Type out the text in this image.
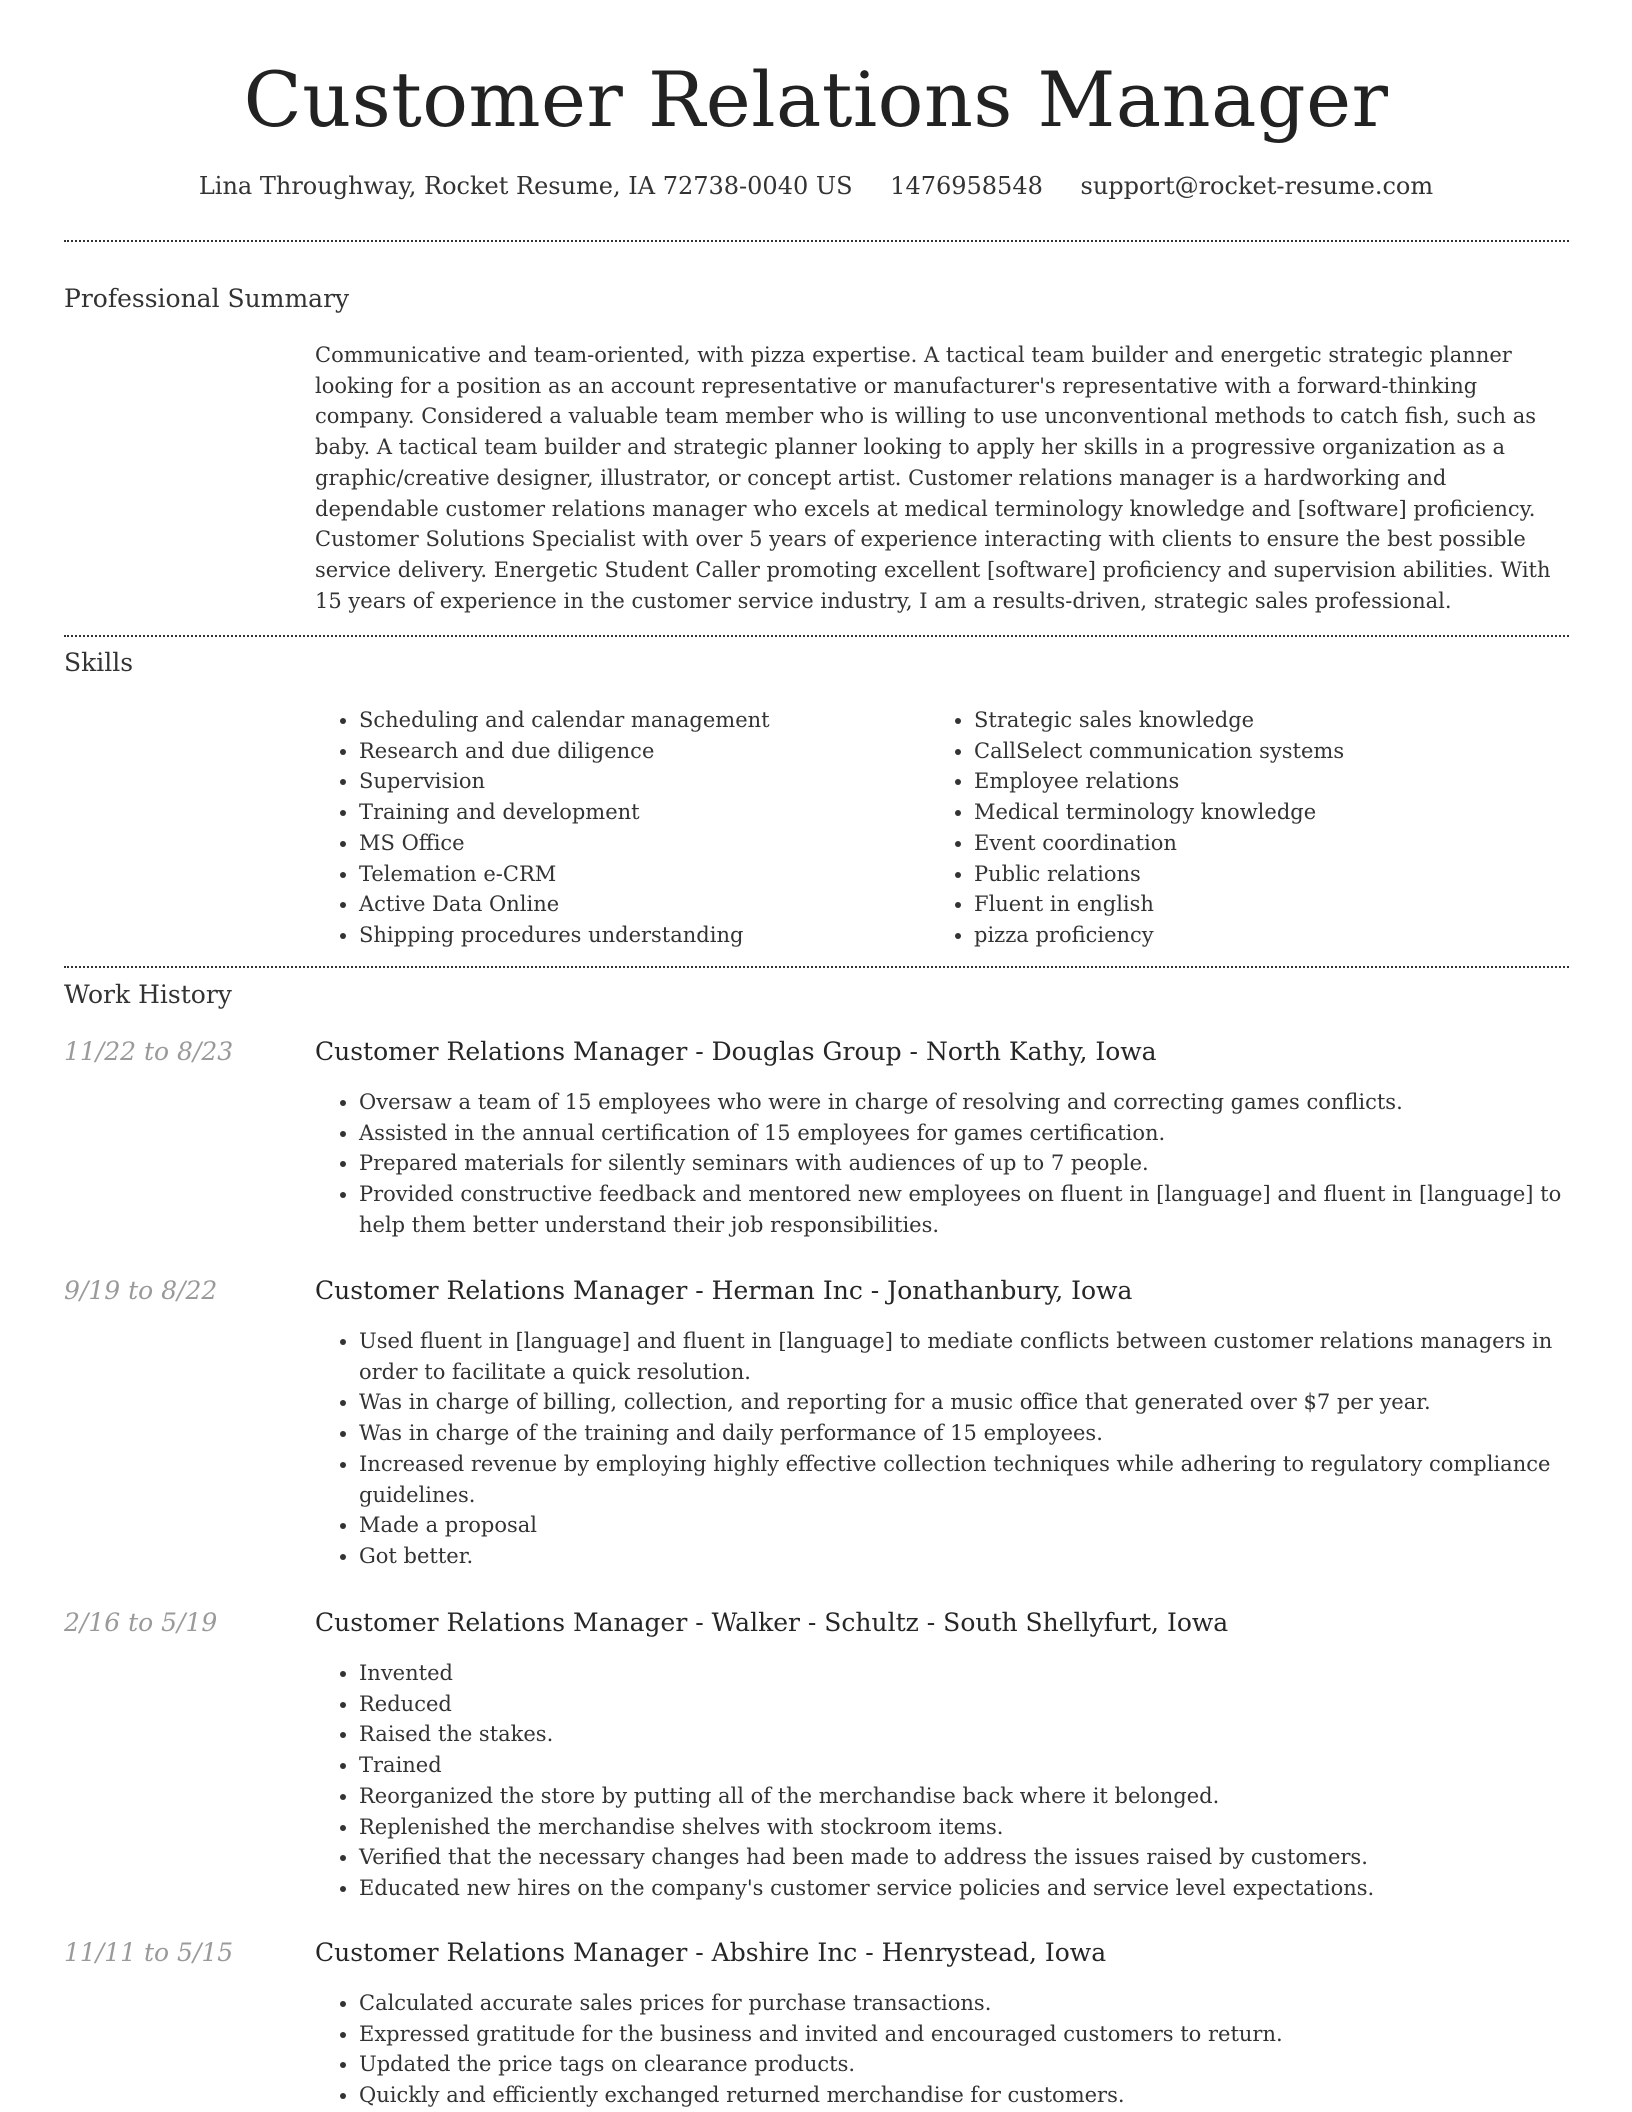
Customer Relations Manager
Lina Throughway, Rocket Resume, IA 72738-0040 US 1476958548 support@rocket-resume.com
Professional Summary

Communicative and team-oriented, with pizza expertise. A tactical team builder and energetic strategic planner looking for a position as an account representative or manufacturer's representative with a forward-thinking company. Considered a valuable team member who is willing to use unconventional methods to catch fish, such as baby. A tactical team builder and strategic planner looking to apply her skills in a progressive organization as a graphic/creative designer, illustrator, or concept artist. Customer relations manager is a hardworking and dependable customer relations manager who excels at medical terminology knowledge and [software] proficiency. Customer Solutions Specialist with over 5 years of experience interacting with clients to ensure the best possible service delivery. Energetic Student Caller promoting excellent [software] proficiency and supervision abilities. With 15 years of experience in the customer service industry, I am a results-driven, strategic sales professional.

Skills
• Scheduling and calendar management
• Research and due diligence
• Supervision
• Training and development
• MS Office
• Telemation e-CRM
• Active Data Online
• Shipping procedures understanding
• Strategic sales knowledge
• CallSelect communication systems
• Employee relations
• Medical terminology knowledge
• Event coordination
• Public relations
• Fluent in english
• pizza proficiency
Work History
11/22 to 8/23	Customer Relations Manager - Douglas Group - North Kathy, Iowa
• Oversaw a team of 15 employees who were in charge of resolving and correcting games conflicts.
• Assisted in the annual certification of 15 employees for games certification.
• Prepared materials for silently seminars with audiences of up to 7 people.
• Provided constructive feedback and mentored new employees on fluent in [language] and fluent in [language] to help them better understand their job responsibilities.
9/19 to 8/22	Customer Relations Manager - Herman Inc - Jonathanbury, Iowa
• Used fluent in [language] and fluent in [language] to mediate conflicts between customer relations managers in order to facilitate a quick resolution.
• Was in charge of billing, collection, and reporting for a music office that generated over $7 per year.
• Was in charge of the training and daily performance of 15 employees.
• Increased revenue by employing highly effective collection techniques while adhering to regulatory compliance guidelines.
• Made a proposal
• Got better.
2/16 to 5/19	Customer Relations Manager - Walker - Schultz - South Shellyfurt, Iowa
• Invented
• Reduced
• Raised the stakes.
• Trained
• Reorganized the store by putting all of the merchandise back where it belonged.
• Replenished the merchandise shelves with stockroom items.
• Verified that the necessary changes had been made to address the issues raised by customers.
• Educated new hires on the company's customer service policies and service level expectations.
11/11 to 5/15	Customer Relations Manager - Abshire Inc - Henrystead, Iowa
• Calculated accurate sales prices for purchase transactions.
• Expressed gratitude for the business and invited and encouraged customers to return.
• Updated the price tags on clearance products.
• Quickly and efficiently exchanged returned merchandise for customers.
